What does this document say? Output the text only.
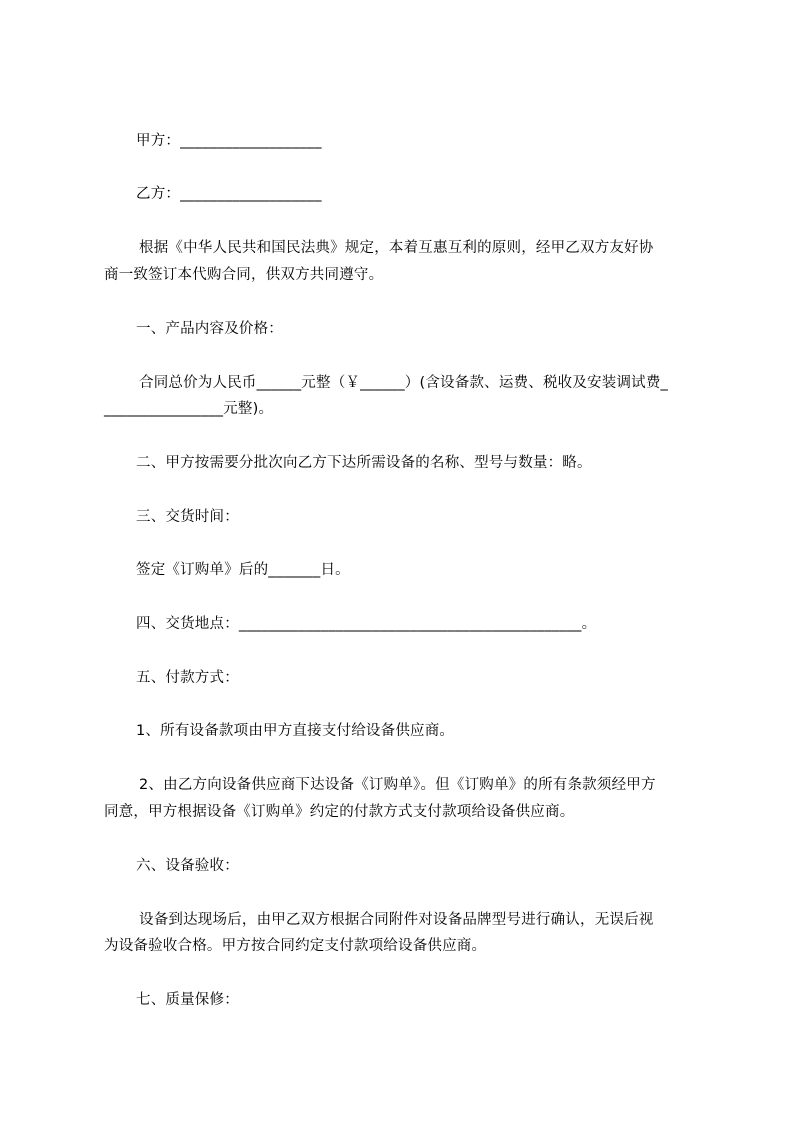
甲方：___________________
乙方：___________________
根据《中华人民共和国民法典》规定，本着互惠互利的原则，经甲乙双方友好协
商一致签订本代购合同，供双方共同遵守。
一、产品内容及价格：
合同总价为人民币______元整（￥______）(含设备款、运费、税收及安装调试费_
________________元整)。
二、甲方按需要分批次向乙方下达所需设备的名称、型号与数量：略。
三、交货时间：
签定《订购单》后的_______日。
四、交货地点：______________________________________________。
五、付款方式：
1、所有设备款项由甲方直接支付给设备供应商。
2、由乙方向设备供应商下达设备《订购单》。但《订购单》的所有条款须经甲方
同意，甲方根据设备《订购单》约定的付款方式支付款项给设备供应商。
六、设备验收：
设备到达现场后，由甲乙双方根据合同附件对设备品牌型号进行确认，无误后视
为设备验收合格。甲方按合同约定支付款项给设备供应商。
七、质量保修：
